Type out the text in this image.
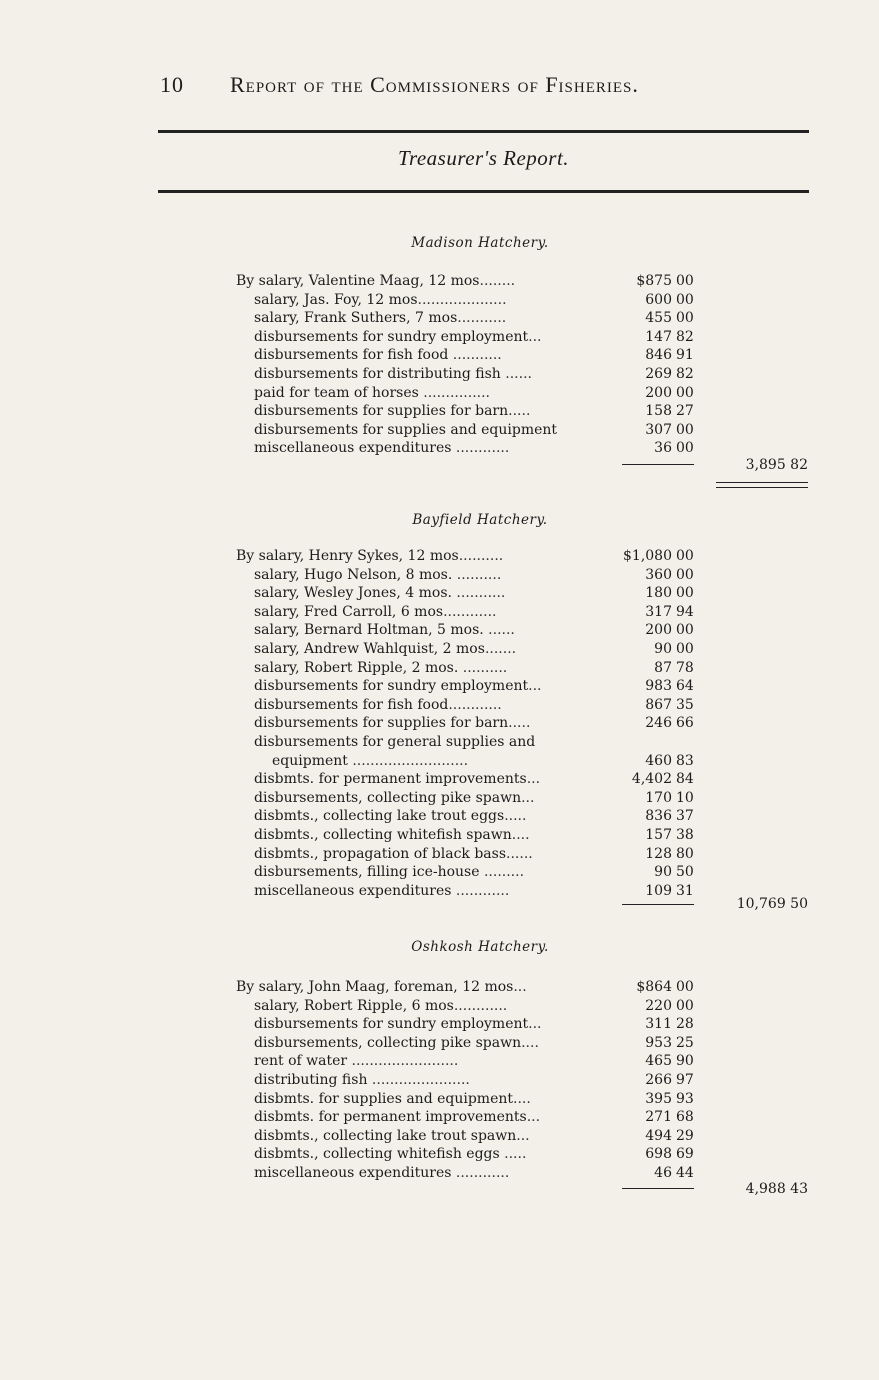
10 Report of the Commissioners of Fisheries.
Treasurer's Report.
Madison Hatchery.
By salary, Valentine Maag, 12 mos........	$875 00
salary, Jas. Foy, 12 mos....................	600 00
salary, Frank Suthers, 7 mos...........	455 00
disbursements for sundry employment...	147 82
disbursements for fish food ...........	846 91
disbursements for distributing fish ......	269 82
paid for team of horses ...............	200 00
disbursements for supplies for barn.....	158 27
disbursements for supplies and equipment	307 00
miscellaneous expenditures ............	36 00
3,895 82
Bayfield Hatchery.
By salary, Henry Sykes, 12 mos..........	$1,080 00
salary, Hugo Nelson, 8 mos. ..........	360 00
salary, Wesley Jones, 4 mos. ...........	180 00
salary, Fred Carroll, 6 mos............	317 94
salary, Bernard Holtman, 5 mos. ......	200 00
salary, Andrew Wahlquist, 2 mos.......	90 00
salary, Robert Ripple, 2 mos. ..........	87 78
disbursements for sundry employment...	983 64
disbursements for fish food............	867 35
disbursements for supplies for barn.....	246 66
disbursements for general supplies and
equipment ..........................	460 83
disbmts. for permanent improvements...	4,402 84
disbursements, collecting pike spawn...	170 10
disbmts., collecting lake trout eggs.....	836 37
disbmts., collecting whitefish spawn....	157 38
disbmts., propagation of black bass......	128 80
disbursements, filling ice-house .........	90 50
miscellaneous expenditures ............	109 31
10,769 50
Oshkosh Hatchery.
By salary, John Maag, foreman, 12 mos...	$864 00
salary, Robert Ripple, 6 mos............	220 00
disbursements for sundry employment...	311 28
disbursements, collecting pike spawn....	953 25
rent of water ........................	465 90
distributing fish ......................	266 97
disbmts. for supplies and equipment....	395 93
disbmts. for permanent improvements...	271 68
disbmts., collecting lake trout spawn...	494 29
disbmts., collecting whitefish eggs .....	698 69
miscellaneous expenditures ............	46 44
4,988 43
